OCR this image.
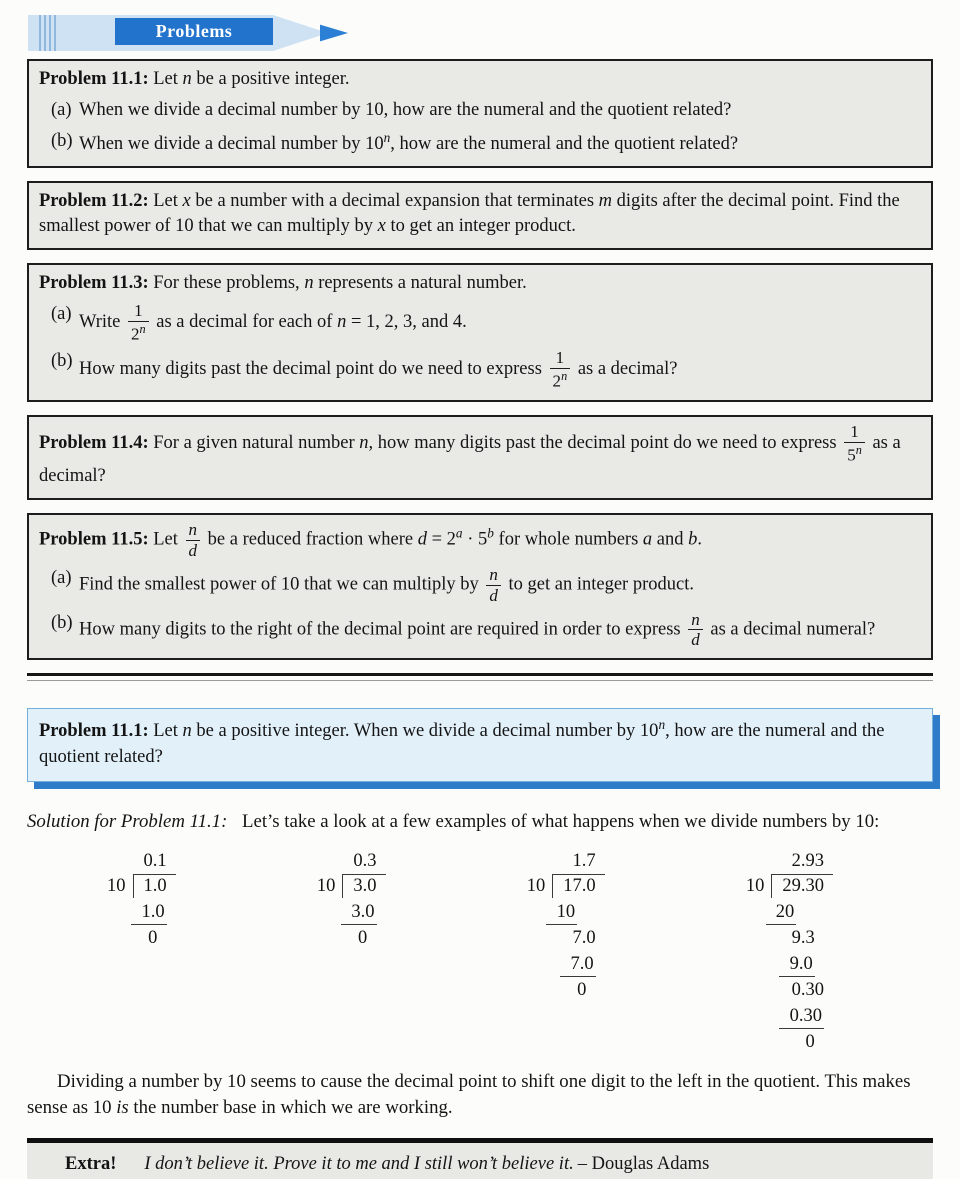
Problems

Problem 11.1: Let n be a positive integer.

(a) When we divide a decimal number by 10, how are the numeral and the quotient related?

(b) When we divide a decimal number by 10$^n$, how are the numeral and the quotient related?

Problem 11.2: Let x be a number with a decimal expansion that terminates m digits after the decimal point. Find the smallest power of 10 that we can multiply by x to get an integer product.

Problem 11.3: For these problems, n represents a natural number.

(a) Write $\frac{1}{2^n}$ as a decimal for each of n = 1, 2, 3, and 4.

(b) How many digits past the decimal point do we need to express $\frac{1}{2^n}$ as a decimal?

Problem 11.4: For a given natural number n, how many digits past the decimal point do we need to express $\frac{1}{5^n}$ as a decimal?

Problem 11.5: Let $\frac{n}{d}$ be a reduced fraction where $d = 2^a \cdot 5^b$ for whole numbers a and b.

(a) Find the smallest power of 10 that we can multiply by $\frac{n}{d}$ to get an integer product.

(b) How many digits to the right of the decimal point are required in order to express $\frac{n}{d}$ as a decimal numeral?

Problem 11.1: Let n be a positive integer. When we divide a decimal number by 10$^n$, how are the numeral and the quotient related?

Solution for Problem 11.1: Let’s take a look at a few examples of what happens when we divide numbers by 10:

0.1
10 1.0
1.0
0
0.3
10 3.0
3.0
0
1.7
10 17.0
10
7.0
7.0
0
2.93
10 29.30
20
9.3
9.0
0.30
0.30
0

Dividing a number by 10 seems to cause the decimal point to shift one digit to the left in the quotient. This makes sense as 10 is the number base in which we are working.

Extra! I don’t believe it. Prove it to me and I still won’t believe it. – Douglas Adams
